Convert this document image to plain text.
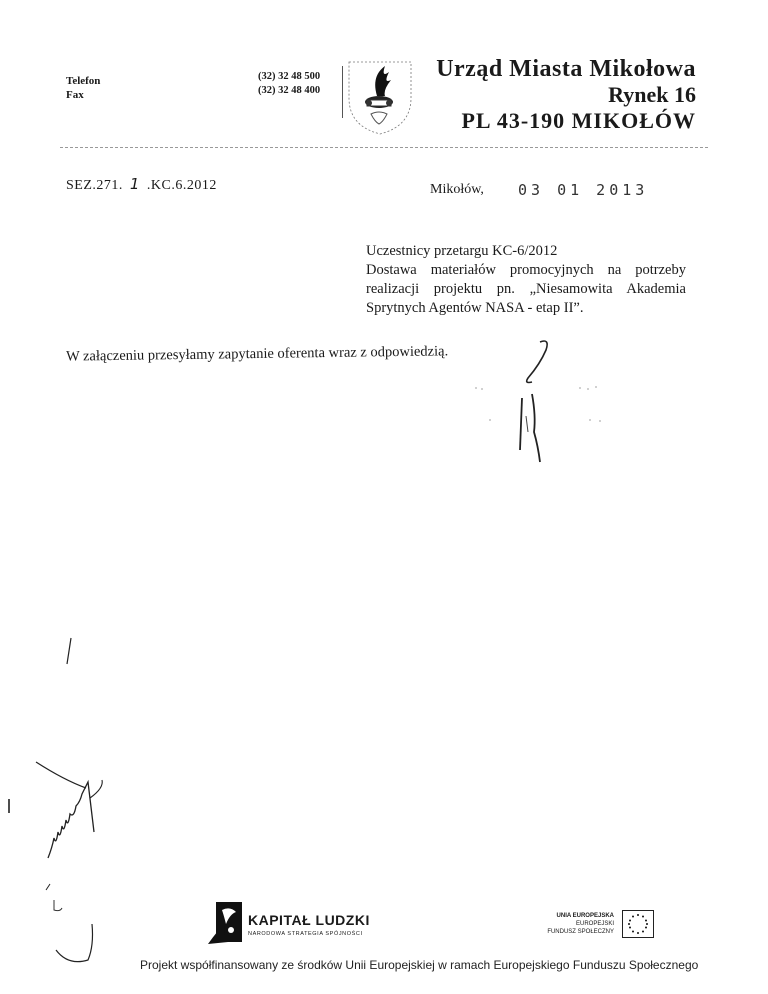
Telefon
Fax
(32) 32 48 500
(32) 32 48 400
Urząd Miasta Mikołowa
Rynek 16
PL 43-190 MIKOŁÓW
SEZ.271. 1 .KC.6.2012	Mikołów, 03 01 2013
Uczestnicy przetargu KC-6/2012
Dostawa materiałów promocyjnych na potrzeby
realizacji projektu pn. „Niesamowita Akademia
Sprytnych Agentów NASA - etap II”.
W załączeniu przesyłamy zapytanie oferenta wraz z odpowiedzią.
KAPITAŁ LUDZKI
NARODOWA STRATEGIA SPÓJNOŚCI
UNIA EUROPEJSKA
EUROPEJSKI
FUNDUSZ SPOŁECZNY
Projekt współfinansowany ze środków Unii Europejskiej w ramach Europejskiego Funduszu Społecznego
